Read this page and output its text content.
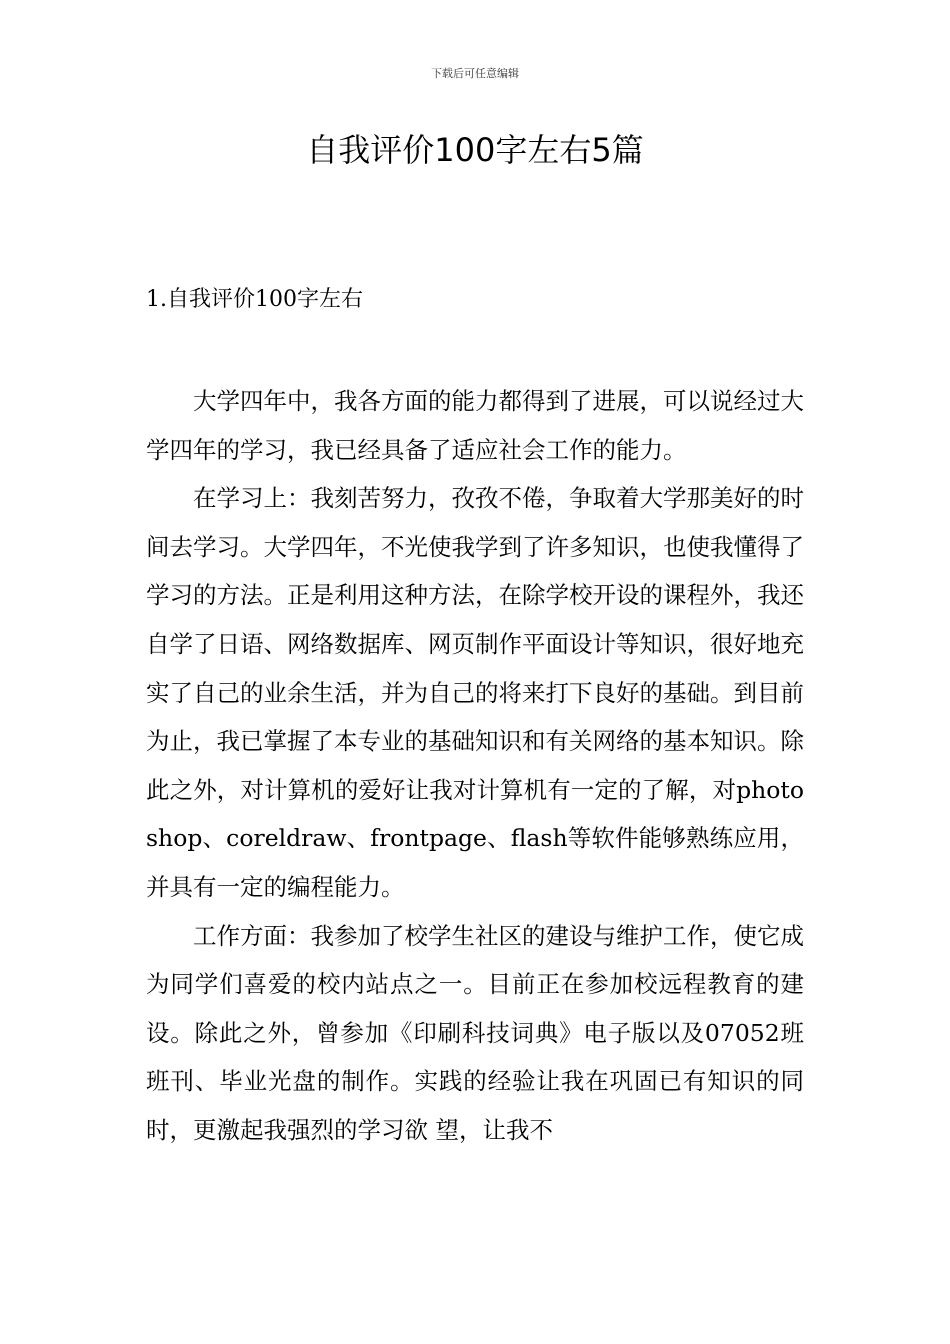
下载后可任意编辑
自我评价100字左右5篇
1.自我评价100字左右

大学四年中，我各方面的能力都得到了进展，可以说经过大学四年的学习，我已经具备了适应社会工作的能力。

在学习上：我刻苦努力，孜孜不倦，争取着大学那美好的时间去学习。大学四年，不光使我学到了许多知识，也使我懂得了学习的方法。正是利用这种方法，在除学校开设的课程外，我还自学了日语、网络数据库、网页制作平面设计等知识，很好地充实了自己的业余生活，并为自己的将来打下良好的基础。到目前为止，我已掌握了本专业的基础知识和有关网络的基本知识。除此之外，对计算机的爱好让我对计算机有一定的了解，对photoshop、coreldraw、frontpage、flash等软件能够熟练应用，并具有一定的编程能力。

工作方面：我参加了校学生社区的建设与维护工作，使它成为同学们喜爱的校内站点之一。目前正在参加校远程教育的建设。除此之外，曾参加《印刷科技词典》电子版以及07052班班刊、毕业光盘的制作。实践的经验让我在巩固已有知识的同时，更激起我强烈的学习欲 望，让我不
